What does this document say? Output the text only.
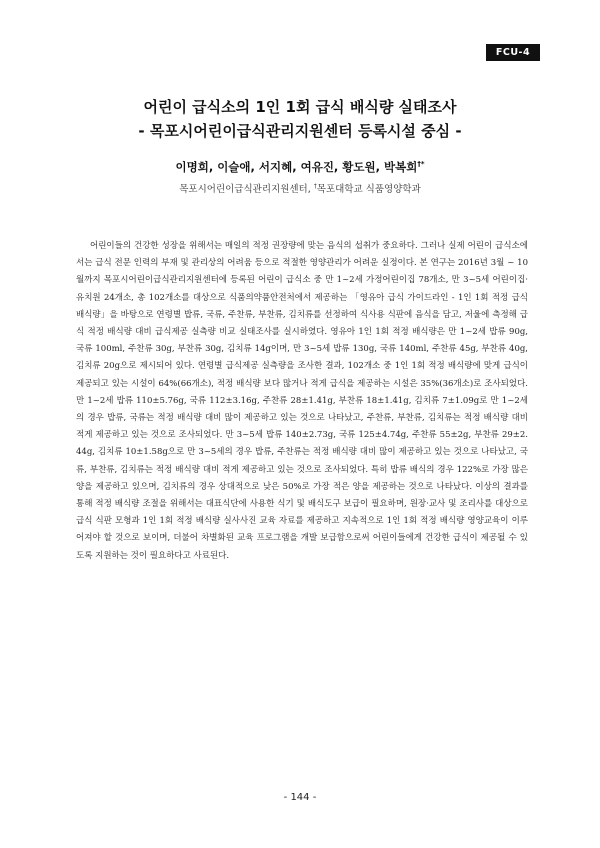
FCU-4
어린이 급식소의 1인 1회 급식 배식량 실태조사
- 목포시어린이급식관리지원센터 등록시설 중심 -
이명희, 이슬애, 서지혜, 여유진, 황도원, 박복희†*
목포시어린이급식관리지원센터, †목포대학교 식품영양학과

어린이들의 건강한 성장을 위해서는 매일의 적정 권장량에 맞는 음식의 섭취가 중요하다. 그러나 실제 어린이 급식소에서는 급식 전문 인력의 부재 및 관리상의 어려움 등으로 적절한 영양관리가 어려운 실정이다. 본 연구는 2016년 3월 ~ 10월까지 목포시어린이급식관리지원센터에 등록된 어린이 급식소 중 만 1~2세 가정어린이집 78개소, 만 3~5세 어린이집·유치원 24개소, 총 102개소를 대상으로 식품의약품안전처에서 제공하는 「영유아 급식 가이드라인 - 1인 1회 적정 급식 배식량」을 바탕으로 연령별 밥류, 국류, 주찬류, 부찬류, 김치류를 선정하여 식사용 식판에 음식을 담고, 저울에 측정해 급식 적정 배식량 대비 급식제공 실측량 비교 실태조사를 실시하였다. 영유아 1인 1회 적정 배식량은 만 1~2세 밥류 90g, 국류 100ml, 주찬류 30g, 부찬류 30g, 김치류 14g이며, 만 3~5세 밥류 130g, 국류 140ml, 주찬류 45g, 부찬류 40g, 김치류 20g으로 제시되어 있다. 연령별 급식제공 실측량을 조사한 결과, 102개소 중 1인 1회 적정 배식량에 맞게 급식이 제공되고 있는 시설이 64%(66개소), 적정 배식량 보다 많거나 적게 급식을 제공하는 시설은 35%(36개소)로 조사되었다. 만 1~2세 밥류 110±5.76g, 국류 112±3.16g, 주찬류 28±1.41g, 부찬류 18±1.41g, 김치류 7±1.09g로 만 1~2세의 경우 밥류, 국류는 적정 배식량 대비 많이 제공하고 있는 것으로 나타났고, 주찬류, 부찬류, 김치류는 적정 배식량 대비 적게 제공하고 있는 것으로 조사되었다. 만 3~5세 밥류 140±2.73g, 국류 125±4.74g, 주찬류 55±2g, 부찬류 29±2.44g, 김치류 10±1.58g으로 만 3~5세의 경우 밥류, 주찬류는 적정 배식량 대비 많이 제공하고 있는 것으로 나타났고, 국류, 부찬류, 김치류는 적정 배식량 대비 적게 제공하고 있는 것으로 조사되었다. 특히 밥류 배식의 경우 122%로 가장 많은 양을 제공하고 있으며, 김치류의 경우 상대적으로 낮은 50%로 가장 적은 양을 제공하는 것으로 나타났다. 이상의 결과를 통해 적정 배식량 조절을 위해서는 대표식단에 사용한 식기 및 배식도구 보급이 필요하며, 원장·교사 및 조리사를 대상으로 급식 식판 모형과 1인 1회 적정 배식량 실사사진 교육 자료를 제공하고 지속적으로 1인 1회 적정 배식량 영양교육이 이루어져야 할 것으로 보이며, 더불어 차별화된 교육 프로그램을 개발 보급함으로써 어린이들에게 건강한 급식이 제공될 수 있도록 지원하는 것이 필요하다고 사료된다.

- 144 -
